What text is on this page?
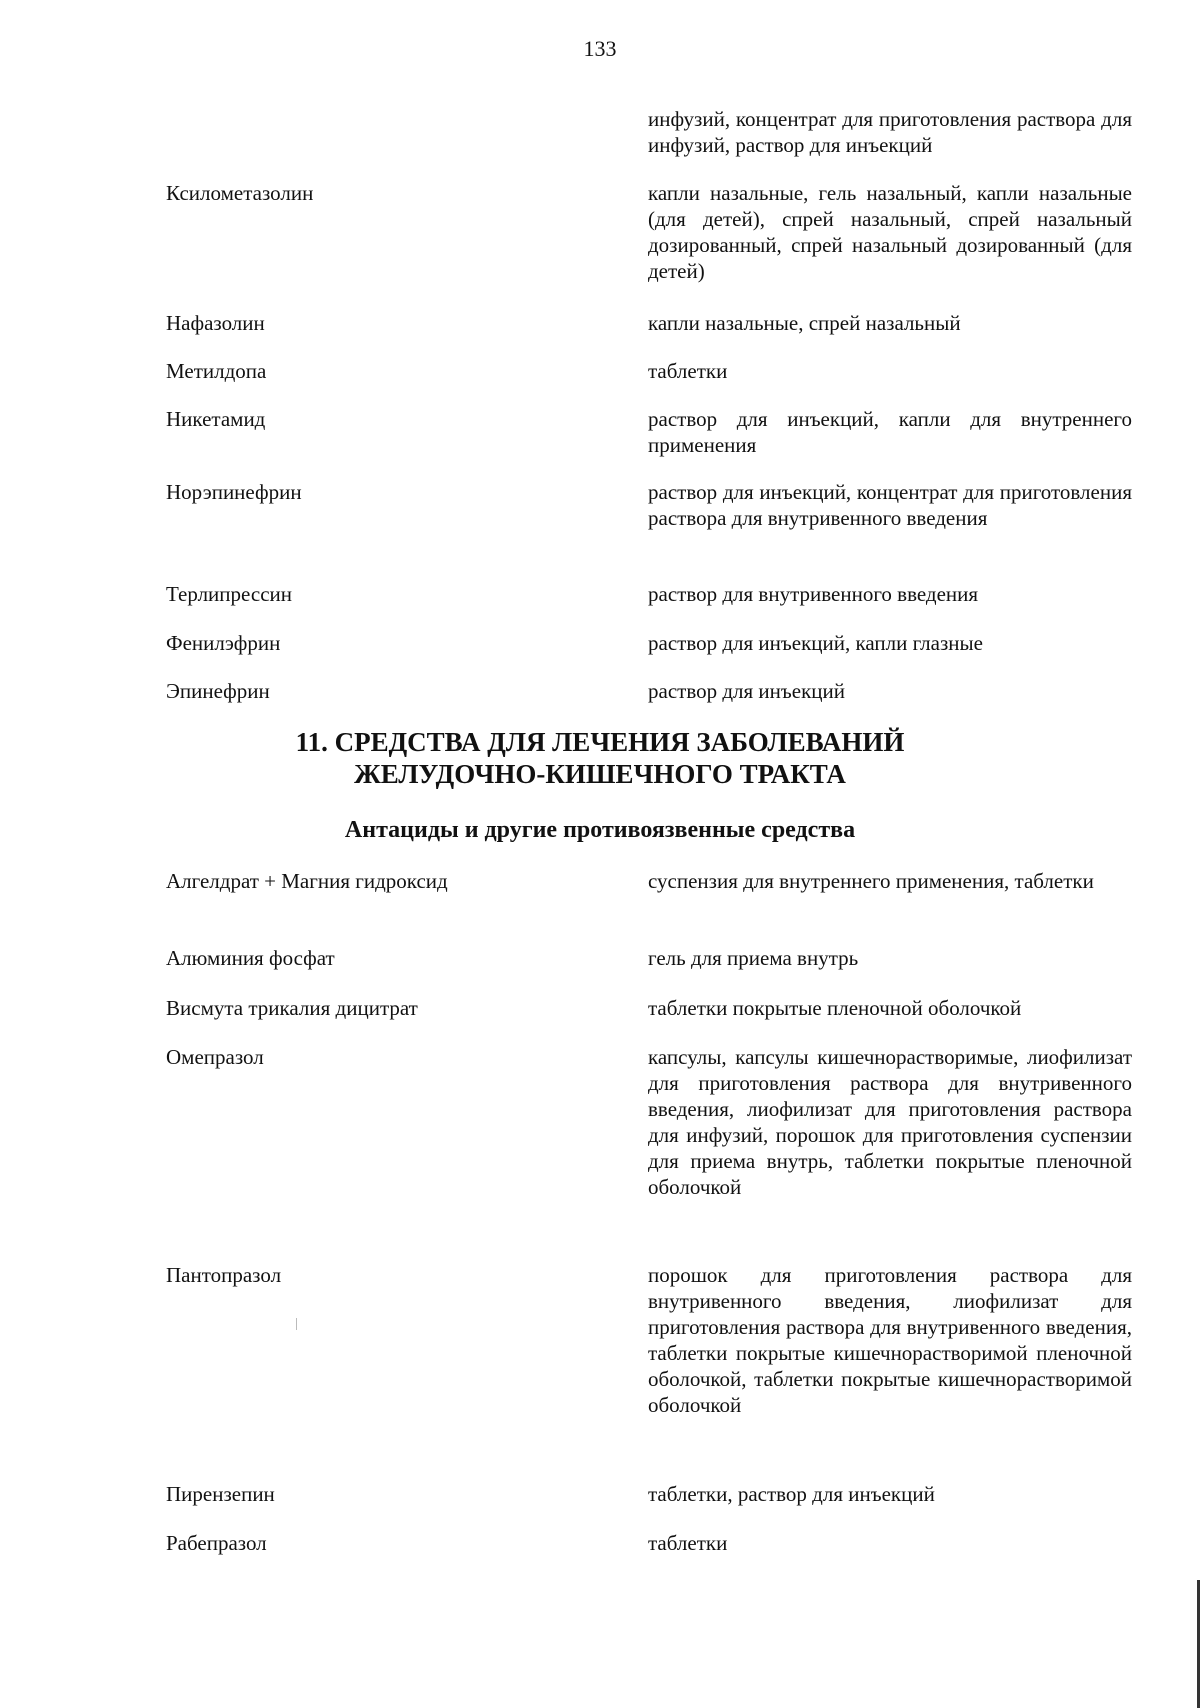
133
инфузий, концентрат для приготовления раствора для инфузий, раствор для инъекций
Ксилометазолин	капли назальные, гель назальный, капли назальные (для детей), спрей назальный, спрей назальный дозированный, спрей назальный дозированный (для детей)
Нафазолин	капли назальные, спрей назальный
Метилдопа	таблетки
Никетамид	раствор для инъекций, капли для внутреннего применения
Норэпинефрин	раствор для инъекций, концентрат для приготовления раствора для внутривенного введения
Терлипрессин	раствор для внутривенного введения
Фенилэфрин	раствор для инъекций, капли глазные
Эпинефрин	раствор для инъекций
11. СРЕДСТВА ДЛЯ ЛЕЧЕНИЯ ЗАБОЛЕВАНИЙ
ЖЕЛУДОЧНО-КИШЕЧНОГО ТРАКТА
Антациды и другие противоязвенные средства
Алгелдрат + Магния гидроксид	суспензия для внутреннего применения, таблетки
Алюминия фосфат	гель для приема внутрь
Висмута трикалия дицитрат	таблетки покрытые пленочной оболочкой
Омепразол	капсулы, капсулы кишечнорастворимые, лиофилизат для приготовления раствора для внутривенного введения, лиофилизат для приготовления раствора для инфузий, порошок для приготовления суспензии для приема внутрь, таблетки покрытые пленочной оболочкой
Пантопразол	порошок для приготовления раствора для внутривенного введения, лиофилизат для приготовления раствора для внутривенного введения, таблетки покрытые кишечнорастворимой пленочной оболочкой, таблетки покрытые кишечнорастворимой оболочкой
Пирензепин	таблетки, раствор для инъекций
Рабепразол	таблетки
